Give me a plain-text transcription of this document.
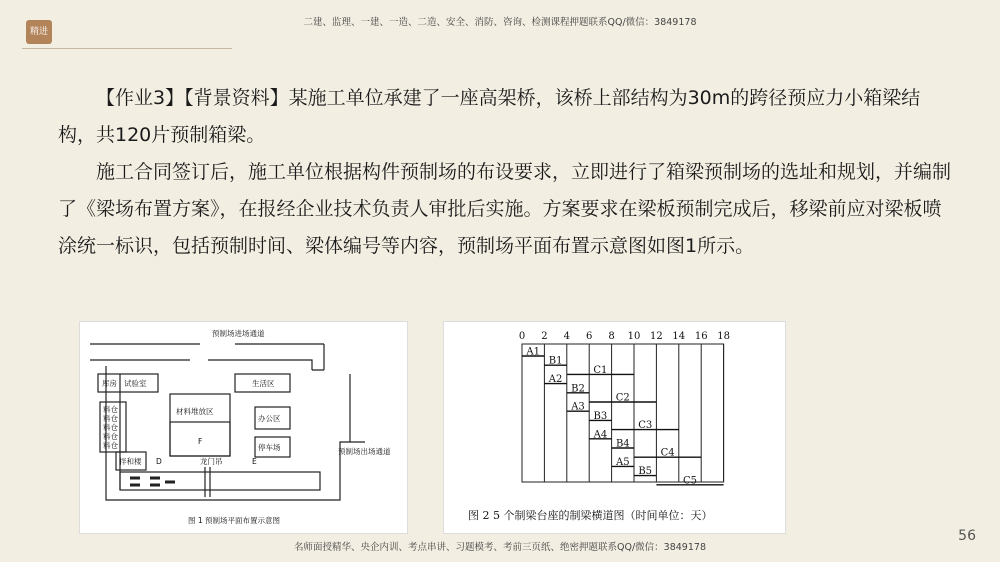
精进
二建、监理、一建、一造、二造、安全、消防、咨询、检测课程押题联系QQ/微信：3849178

【作业3】【背景资料】某施工单位承建了一座高架桥，该桥上部结构为30m的跨径预应力小箱梁结构，共120片预制箱梁。

施工合同签订后，施工单位根据构件预制场的布设要求，立即进行了箱梁预制场的选址和规划，并编制了《梁场布置方案》，在报经企业技术负责人审批后实施。方案要求在梁板预制完成后，移梁前应对梁板喷涂统一标识，包括预制时间、梁体编号等内容，预制场平面布置示意图如图1所示。

预制场进场通道
预制场出场通道
库房 试验室	生活区
材料堆放区
F
办公区
停车场
料仓
料仓
料仓
料仓
料仓
拌和楼 D	龙门吊	E
图 1 预制场平面布置示意图
0 2 4 6 8 10 12 14 16 18
A1
B1
C1
A2
B2
C2
A3
B3
C3
A4
B4
C4
A5
B5
C5
图 2 5 个制梁台座的制梁横道图（时间单位：天）
名师面授精华、央企内训、考点串讲、习题模考、考前三页纸、绝密押题联系QQ/微信：3849178
56
